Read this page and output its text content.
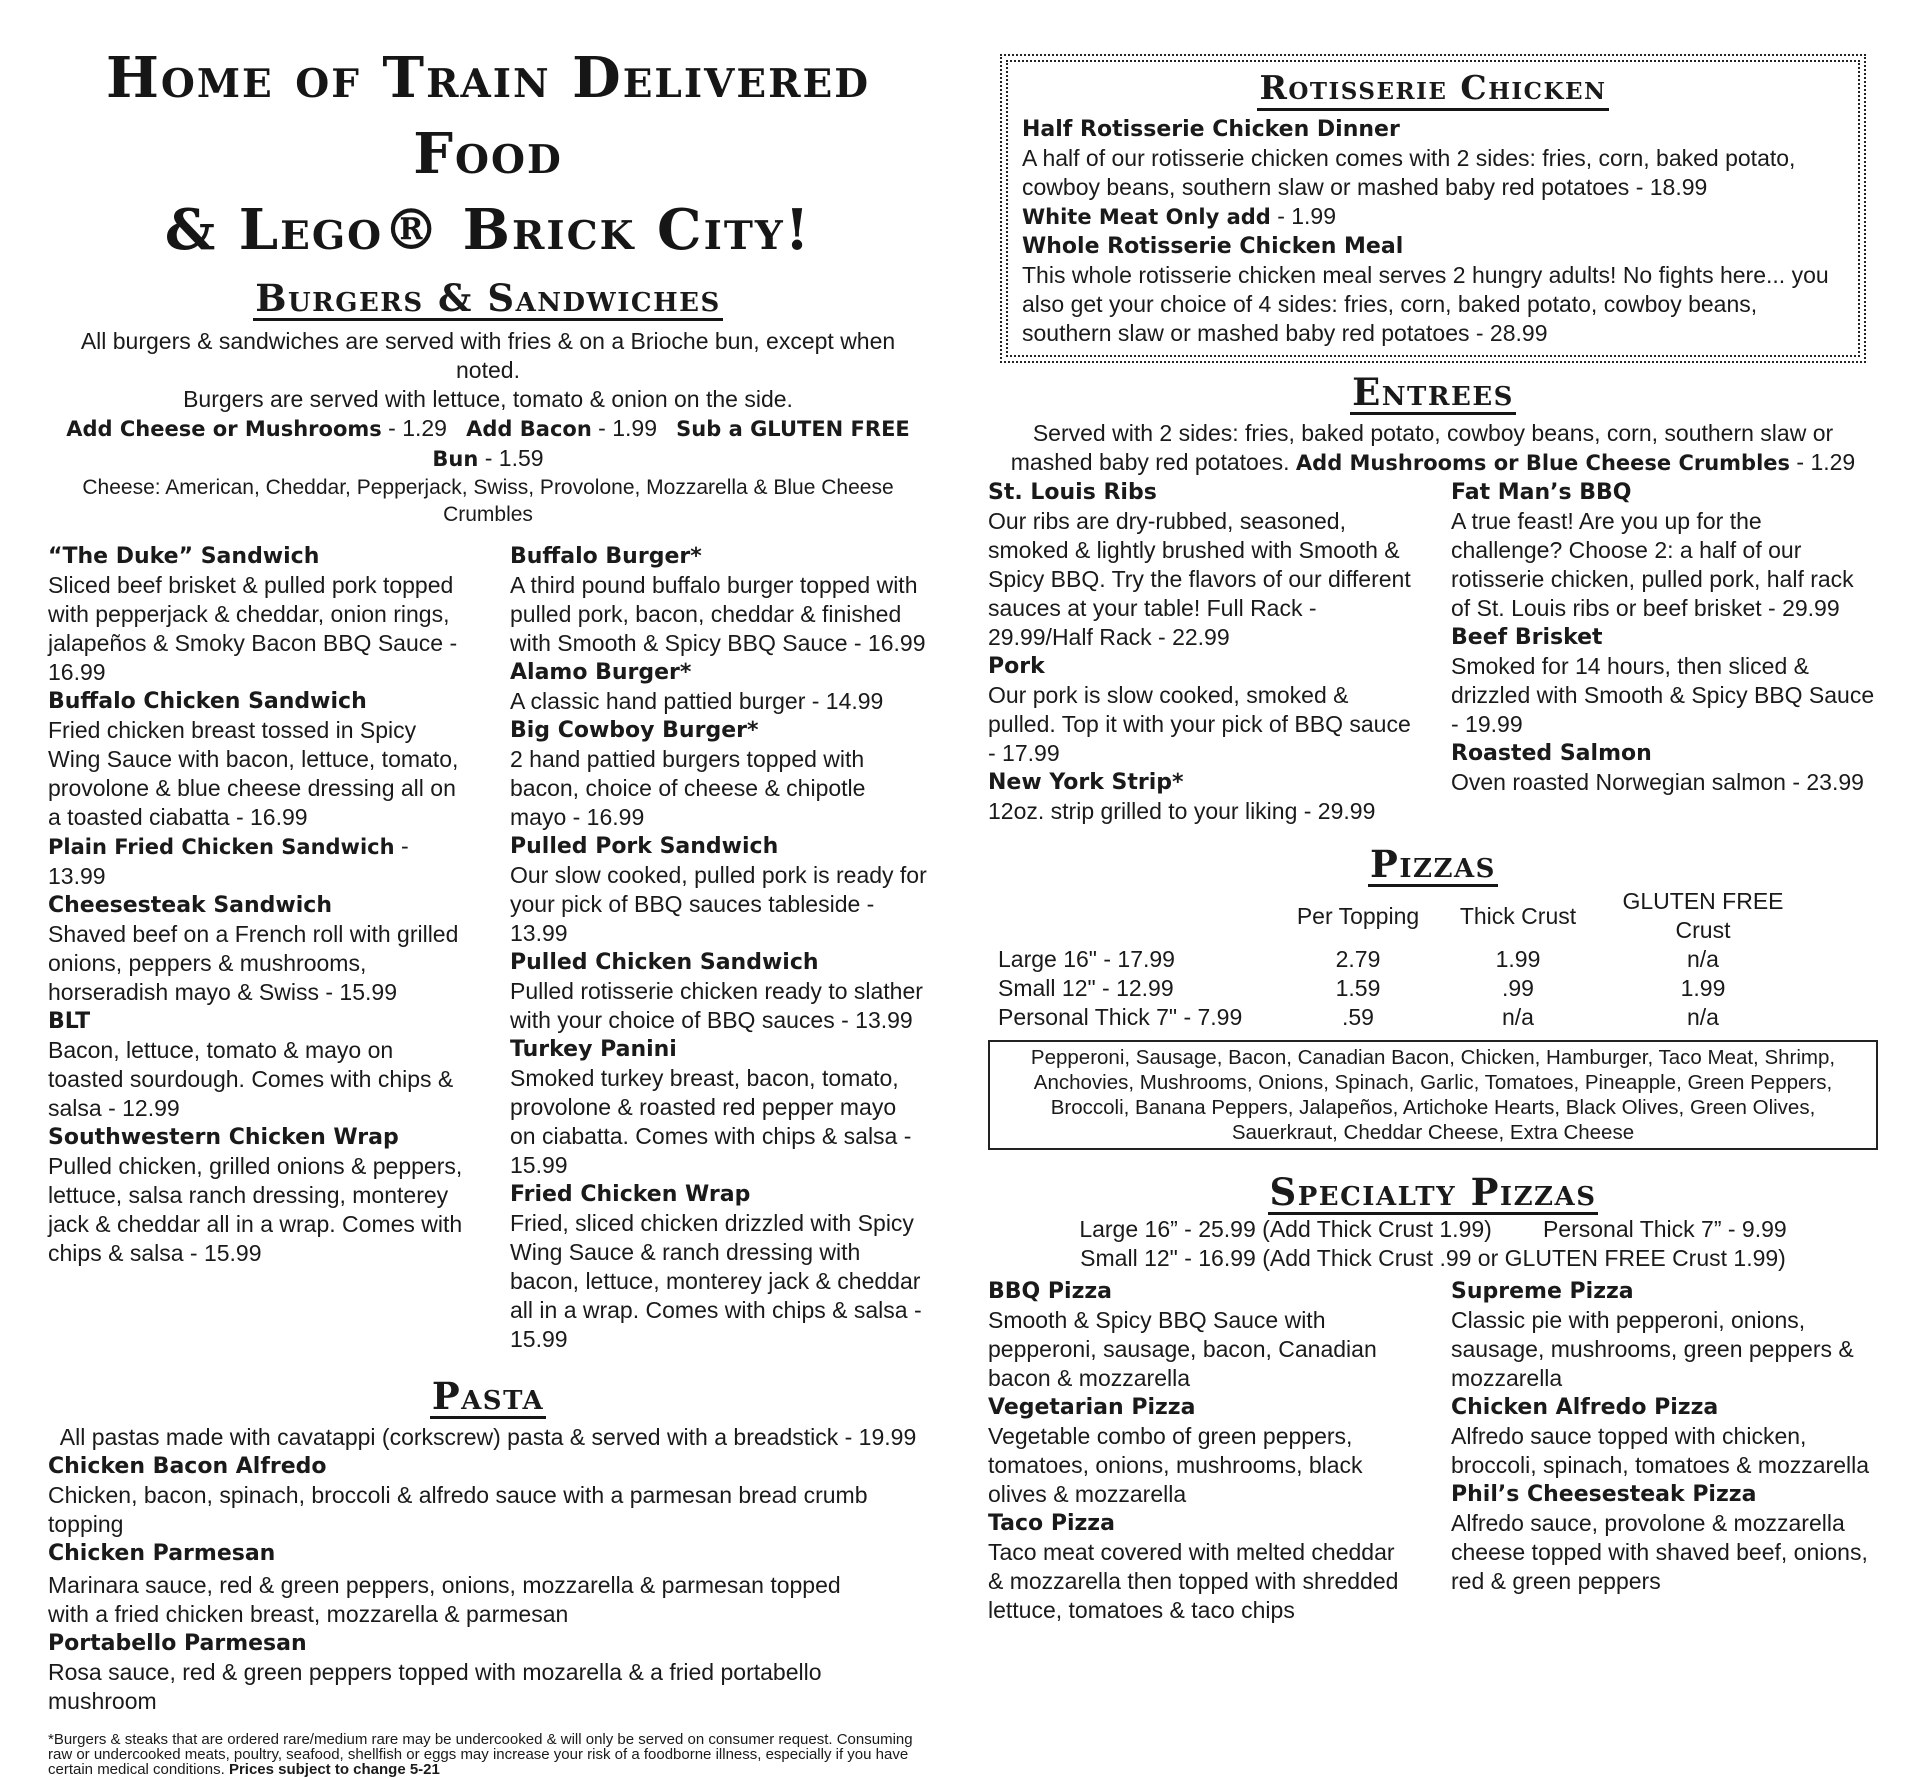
Home of Train Delivered Food
& Lego® Brick City!
Burgers & Sandwiches
All burgers & sandwiches are served with fries & on a Brioche bun, except when noted.
Burgers are served with lettuce, tomato & onion on the side.
Add Cheese or Mushrooms - 1.29 Add Bacon - 1.99 Sub a GLUTEN FREE Bun - 1.59
Cheese: American, Cheddar, Pepperjack, Swiss, Provolone, Mozzarella & Blue Cheese Crumbles
“The Duke” Sandwich
Sliced beef brisket & pulled pork topped with pepperjack & cheddar, onion rings, jalapeños & Smoky Bacon BBQ Sauce - 16.99
Buffalo Chicken Sandwich
Fried chicken breast tossed in Spicy Wing Sauce with bacon, lettuce, tomato, provolone & blue cheese dressing all on a toasted ciabatta - 16.99
Plain Fried Chicken Sandwich - 13.99
Cheesesteak Sandwich
Shaved beef on a French roll with grilled onions, peppers & mushrooms, horseradish mayo & Swiss - 15.99
BLT
Bacon, lettuce, tomato & mayo on toasted sourdough. Comes with chips & salsa - 12.99
Southwestern Chicken Wrap
Pulled chicken, grilled onions & peppers, lettuce, salsa ranch dressing, monterey jack & cheddar all in a wrap. Comes with chips & salsa - 15.99
Buffalo Burger*
A third pound buffalo burger topped with pulled pork, bacon, cheddar & finished with Smooth & Spicy BBQ Sauce - 16.99
Alamo Burger*
A classic hand pattied burger - 14.99
Big Cowboy Burger*
2 hand pattied burgers topped with bacon, choice of cheese & chipotle mayo - 16.99
Pulled Pork Sandwich
Our slow cooked, pulled pork is ready for your pick of BBQ sauces tableside - 13.99
Pulled Chicken Sandwich
Pulled rotisserie chicken ready to slather with your choice of BBQ sauces - 13.99
Turkey Panini
Smoked turkey breast, bacon, tomato, provolone & roasted red pepper mayo on ciabatta. Comes with chips & salsa - 15.99
Fried Chicken Wrap
Fried, sliced chicken drizzled with Spicy Wing Sauce & ranch dressing with bacon, lettuce, monterey jack & cheddar all in a wrap. Comes with chips & salsa - 15.99
Pasta
All pastas made with cavatappi (corkscrew) pasta & served with a breadstick - 19.99
Chicken Bacon Alfredo
Chicken, bacon, spinach, broccoli & alfredo sauce with a parmesan bread crumb topping
Chicken Parmesan
Marinara sauce, red & green peppers, onions, mozzarella & parmesan topped with a fried chicken breast, mozzarella & parmesan
Portabello Parmesan
Rosa sauce, red & green peppers topped with mozarella & a fried portabello mushroom
*Burgers & steaks that are ordered rare/medium rare may be undercooked & will only be served on consumer request. Consuming raw or undercooked meats, poultry, seafood, shellfish or eggs may increase your risk of a foodborne illness, especially if you have certain medical conditions. Prices subject to change 5-21
Rotisserie Chicken
Half Rotisserie Chicken Dinner
A half of our rotisserie chicken comes with 2 sides: fries, corn, baked potato, cowboy beans, southern slaw or mashed baby red potatoes - 18.99
White Meat Only add - 1.99
Whole Rotisserie Chicken Meal
This whole rotisserie chicken meal serves 2 hungry adults! No fights here... you also get your choice of 4 sides: fries, corn, baked potato, cowboy beans, southern slaw or mashed baby red potatoes - 28.99
Entrees
Served with 2 sides: fries, baked potato, cowboy beans, corn, southern slaw or
mashed baby red potatoes. Add Mushrooms or Blue Cheese Crumbles - 1.29
St. Louis Ribs
Our ribs are dry-rubbed, seasoned, smoked & lightly brushed with Smooth & Spicy BBQ. Try the flavors of our different sauces at your table! Full Rack - 29.99/Half Rack - 22.99
Pork
Our pork is slow cooked, smoked & pulled. Top it with your pick of BBQ sauce - 17.99
New York Strip*
12oz. strip grilled to your liking - 29.99
Fat Man’s BBQ
A true feast! Are you up for the challenge? Choose 2: a half of our rotisserie chicken, pulled pork, half rack of St. Louis ribs or beef brisket - 29.99
Beef Brisket
Smoked for 14 hours, then sliced & drizzled with Smooth & Spicy BBQ Sauce - 19.99
Roasted Salmon
Oven roasted Norwegian salmon - 23.99
Pizzas
	Per Topping	Thick Crust	GLUTEN FREE Crust
Large 16" - 17.99	2.79	1.99	n/a
Small 12" - 12.99	1.59	.99	1.99
Personal Thick 7" - 7.99	.59	n/a	n/a
Pepperoni, Sausage, Bacon, Canadian Bacon, Chicken, Hamburger, Taco Meat, Shrimp, Anchovies, Mushrooms, Onions, Spinach, Garlic, Tomatoes, Pineapple, Green Peppers, Broccoli, Banana Peppers, Jalapeños, Artichoke Hearts, Black Olives, Green Olives, Sauerkraut, Cheddar Cheese, Extra Cheese
Specialty Pizzas
Large 16” - 25.99 (Add Thick Crust 1.99)        Personal Thick 7” - 9.99
Small 12" - 16.99 (Add Thick Crust .99 or GLUTEN FREE Crust 1.99)
BBQ Pizza
Smooth & Spicy BBQ Sauce with pepperoni, sausage, bacon, Canadian bacon & mozzarella
Vegetarian Pizza
Vegetable combo of green peppers, tomatoes, onions, mushrooms, black olives & mozzarella
Taco Pizza
Taco meat covered with melted cheddar & mozzarella then topped with shredded lettuce, tomatoes & taco chips
Supreme Pizza
Classic pie with pepperoni, onions, sausage, mushrooms, green peppers & mozzarella
Chicken Alfredo Pizza
Alfredo sauce topped with chicken, broccoli, spinach, tomatoes & mozzarella
Phil’s Cheesesteak Pizza
Alfredo sauce, provolone & mozzarella cheese topped with shaved beef, onions, red & green peppers
